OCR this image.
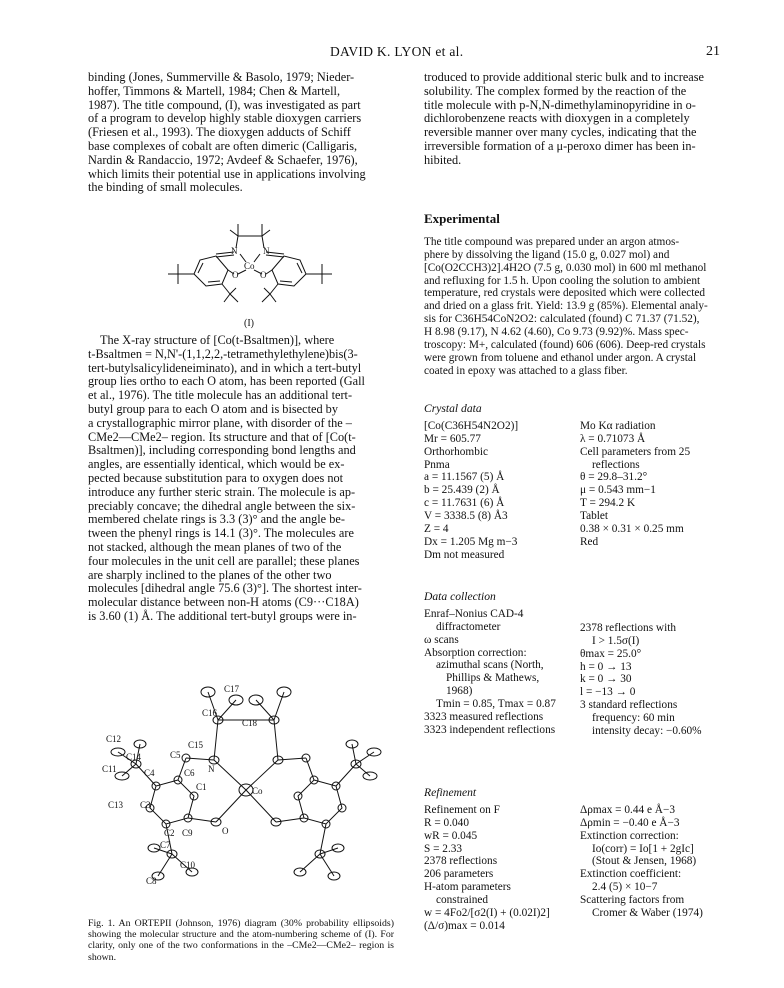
DAVID K. LYON et al.	21
binding (Jones, Summerville & Basolo, 1979; Nieder-
hoffer, Timmons & Martell, 1984; Chen & Martell,
1987). The title compound, (I), was investigated as part
of a program to develop highly stable dioxygen carriers
(Friesen et al., 1993). The dioxygen adducts of Schiff
base complexes of cobalt are often dimeric (Calligaris,
Nardin & Randaccio, 1972; Avdeef & Schaefer, 1976),
which limits their potential use in applications involving
the binding of small molecules.
N	N
Co
O O
(I)
The X-ray structure of [Co(t-Bsaltmen)], where
t-Bsaltmen = N,N'-(1,1,2,2,-tetramethylethylene)bis(3-
tert-butylsalicylideneiminato), and in which a tert-butyl
group lies ortho to each O atom, has been reported (Gall
et al., 1976). The title molecule has an additional tert-
butyl group para to each O atom and is bisected by
a crystallographic mirror plane, with disorder of the –
CMe2—CMe2– region. Its structure and that of [Co(t-
Bsaltmen)], including corresponding bond lengths and
angles, are essentially identical, which would be ex-
pected because substitution para to oxygen does not
introduce any further steric strain. The molecule is ap-
preciably concave; the dihedral angle between the six-
membered chelate rings is 3.3 (3)° and the angle be-
tween the phenyl rings is 14.1 (3)°. The molecules are
not stacked, although the mean planes of two of the
four molecules in the unit cell are parallel; these planes
are sharply inclined to the planes of the other two
molecules [dihedral angle 75.6 (3)°]. The shortest inter-
molecular distance between non-H atoms (C9···C18A)
is 3.60 (1) Å. The additional tert-butyl groups were in-
C17
C16
C18
C15
N
Co
C5
C6
C12
C14
C11	C4
C1
C13 C3
C2 C9
C7
C10
C8
O
Fig. 1. An ORTEPII (Johnson, 1976) diagram (30% probability ellipsoids) showing the molecular structure and the atom-numbering scheme of (I). For clarity, only one of the two conformations in the –CMe2—CMe2– region is shown.
troduced to provide additional steric bulk and to increase
solubility. The complex formed by the reaction of the
title molecule with p-N,N-dimethylaminopyridine in o-
dichlorobenzene reacts with dioxygen in a completely
reversible manner over many cycles, indicating that the
irreversible formation of a μ-peroxo dimer has been in-
hibited.
Experimental
The title compound was prepared under an argon atmos-
phere by dissolving the ligand (15.0 g, 0.027 mol) and
[Co(O2CCH3)2].4H2O (7.5 g, 0.030 mol) in 600 ml methanol
and refluxing for 1.5 h. Upon cooling the solution to ambient
temperature, red crystals were deposited which were collected
and dried on a glass frit. Yield: 13.9 g (85%). Elemental analy-
sis for C36H54CoN2O2: calculated (found) C 71.37 (71.52),
H 8.98 (9.17), N 4.62 (4.60), Co 9.73 (9.92)%. Mass spec-
troscopy: M+, calculated (found) 606 (606). Deep-red crystals
were grown from toluene and ethanol under argon. A crystal
coated in epoxy was attached to a glass fiber.
Crystal data
[Co(C36H54N2O2)]
Mr = 605.77
Orthorhombic
Pnma
a = 11.1567 (5) Å
b = 25.439 (2) Å
c = 11.7631 (6) Å
V = 3338.5 (8) Å3
Z = 4
Dx = 1.205 Mg m−3
Dm not measured
Mo Kα radiation
λ = 0.71073 Å
Cell parameters from 25
reflections
θ = 29.8–31.2°
μ = 0.543 mm−1
T = 294.2 K
Tablet
0.38 × 0.31 × 0.25 mm
Red
Data collection
Enraf–Nonius CAD-4
diffractometer
ω scans
Absorption correction:
azimuthal scans (North,
Phillips & Mathews,
1968)
Tmin = 0.85, Tmax = 0.87
3323 measured reflections
3323 independent reflections
2378 reflections with
I > 1.5σ(I)
θmax = 25.0°
h = 0 → 13
k = 0 → 30
l = −13 → 0
3 standard reflections
frequency: 60 min
intensity decay: −0.60%
Refinement
Refinement on F
R = 0.040
wR = 0.045
S = 2.33
2378 reflections
206 parameters
H-atom parameters
constrained
w = 4Fo2/[σ2(I) + (0.02I)2]
(Δ/σ)max = 0.014
Δρmax = 0.44 e Å−3
Δρmin = −0.40 e Å−3
Extinction correction:
Io(corr) = Io[1 + 2gIc]
(Stout & Jensen, 1968)
Extinction coefficient:
2.4 (5) × 10−7
Scattering factors from
Cromer & Waber (1974)
